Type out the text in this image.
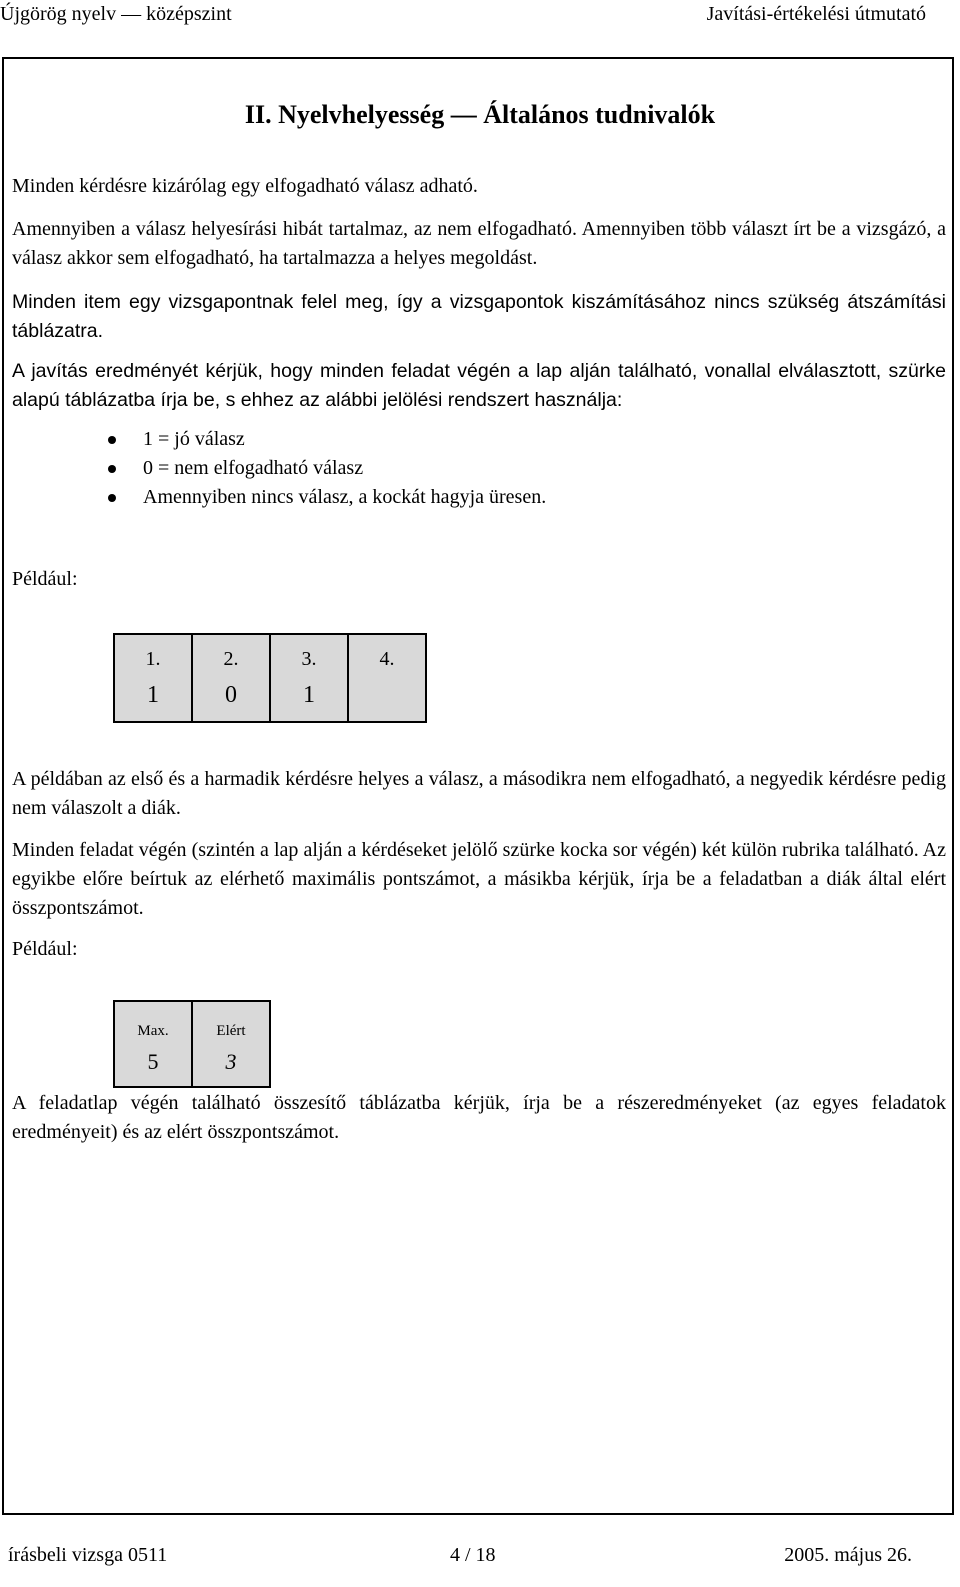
Újgörög nyelv — középszint	Javítási-értékelési útmutató
II. Nyelvhelyesség — Általános tudnivalók

Minden kérdésre kizárólag egy elfogadható válasz adható.

Amennyiben a válasz helyesírási hibát tartalmaz, az nem elfogadható. Amennyiben több választ írt be a vizsgázó, a válasz akkor sem elfogadható, ha tartalmazza a helyes megoldást.

Minden item egy vizsgapontnak felel meg, így a vizsgapontok kiszámításához nincs szükség átszámítási táblázatra.

A javítás eredményét kérjük, hogy minden feladat végén a lap alján található, vonallal elválasztott, szürke alapú táblázatba írja be, s ehhez az alábbi jelölési rendszert használja:

1 = jó válasz
0 = nem elfogadható válasz
Amennyiben nincs válasz, a kockát hagyja üresen.
Például:
1.	2.	3.	4.
1	0	1	

A példában az első és a harmadik kérdésre helyes a válasz, a másodikra nem elfogadható, a negyedik kérdésre pedig nem válaszolt a diák.

Minden feladat végén (szintén a lap alján a kérdéseket jelölő szürke kocka sor végén) két külön rubrika található. Az egyikbe előre beírtuk az elérhető maximális pontszámot, a másikba kérjük, írja be a feladatban a diák által elért összpontszámot.

Például:
Max.	Elért
5	3

A feladatlap végén található összesítő táblázatba kérjük, írja be a részeredményeket (az egyes feladatok eredményeit) és az elért összpontszámot.

írásbeli vizsga 0511	4 / 18	2005. május 26.
